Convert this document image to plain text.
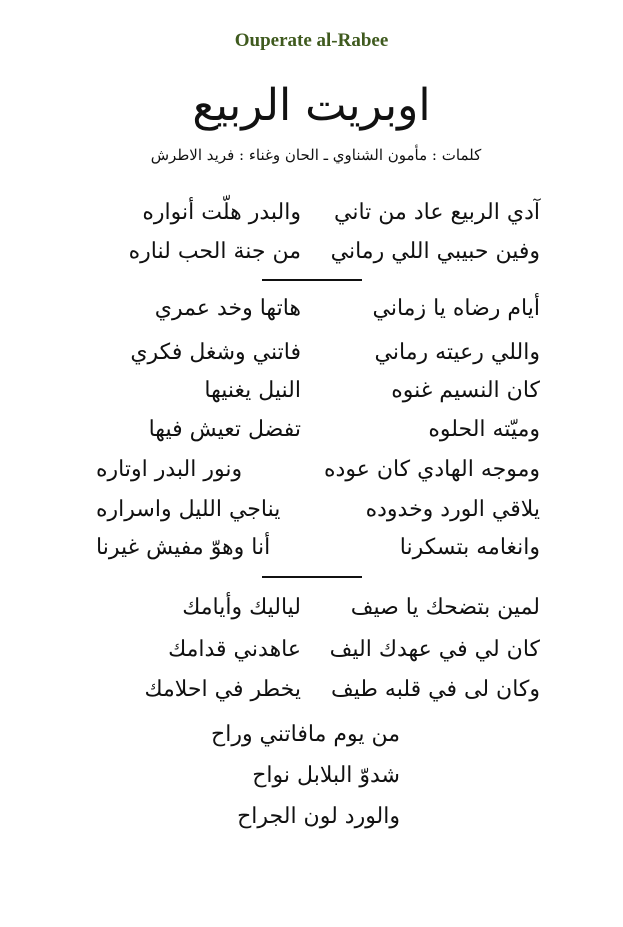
Ouperate al-Rabee
اوبريت الربيع
كلمات : مأمون الشناوي ـ الحان وغناء : فريد الاطرش
آدي الربيع عاد من تاني
والبدر هلّت أنواره
وفين حبيبي اللي رماني
من جنة الحب لناره
أيام رضاه يا زماني
هاتها وخد عمري
واللي رعيته رماني
فاتني وشغل فكري
كان النسيم غنوه
النيل يغنيها
وميّته الحلوه
تفضل تعيش فيها
وموجه الهادي كان عوده
ونور البدر اوتاره
يلاقي الورد وخدوده
يناجي الليل واسراره
وانغامه بتسكرنا
أنا وهوّ مفيش غيرنا
لمين بتضحك يا صيف
لياليك وأيامك
كان لي في عهدك اليف
عاهدني قدامك
وكان لى في قلبه طيف
يخطر في احلامك
من يوم مافاتني وراح
شدوّ البلابل نواح
والورد لون الجراح
